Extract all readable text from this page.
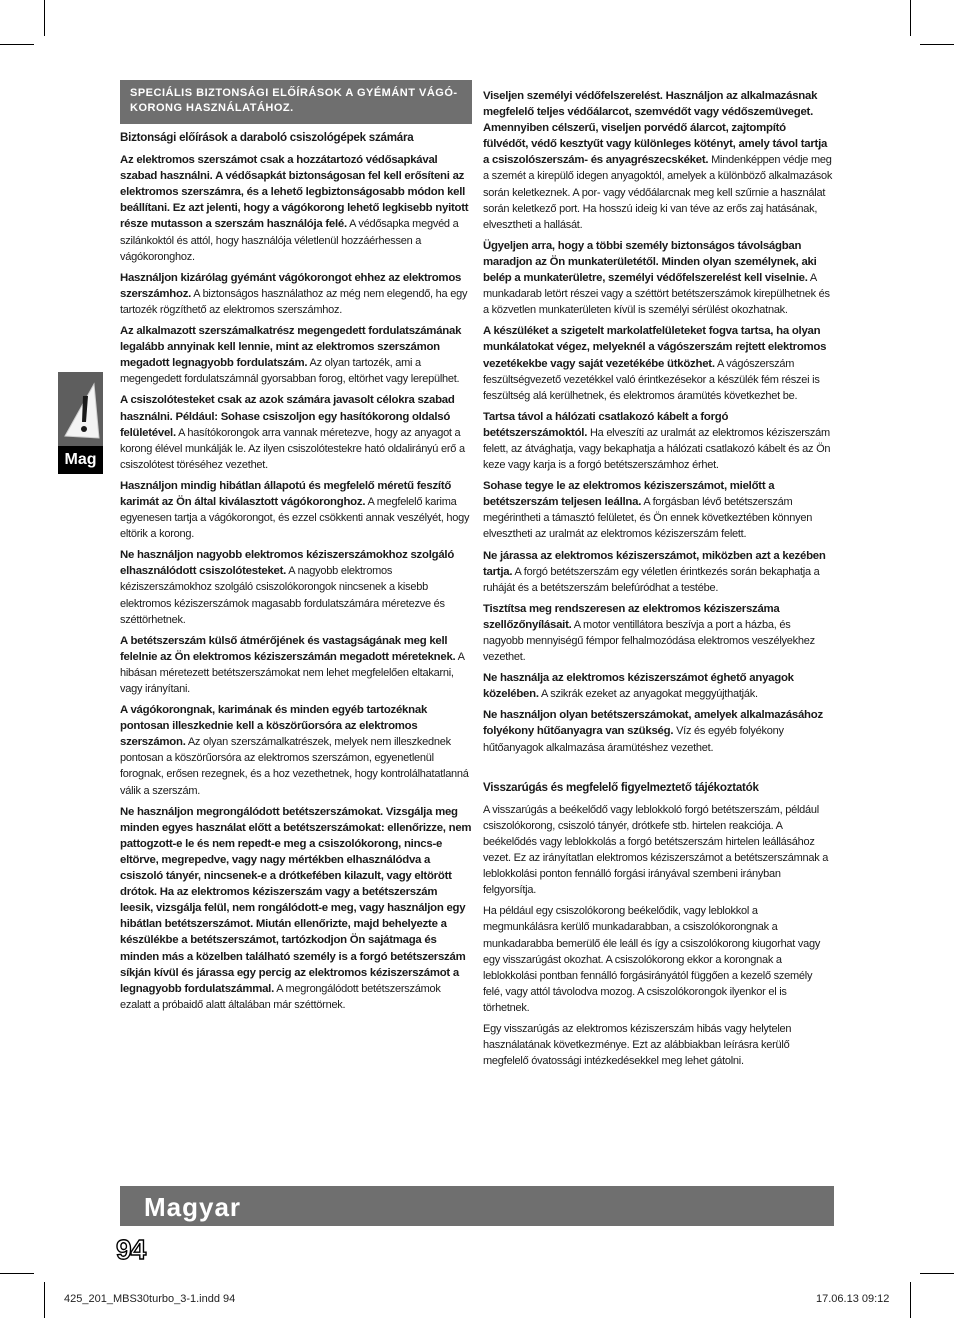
SPECIÁLIS BIZTONSÁGI ELŐÍRÁSOK A GYÉMÁNT VÁGÓ-KORONG HASZNÁLATÁHOZ.
Mag
Biztonsági előírások a daraboló csiszológépek számára

Az elektromos szerszámot csak a hozzátartozó védősapkával szabad használni. A védősapkát biztonságosan fel kell erősíteni az elektromos szerszámra, és a lehető legbiztonságosabb módon kell beállítani. Ez azt jelenti, hogy a vágókorong lehető legkisebb nyitott része mutasson a szerszám használója felé. A védősapka megvéd a szilánkoktól és attól, hogy használója véletlenül hozzáérhessen a vágókoronghoz.

Használjon kizárólag gyémánt vágókorongot ehhez az elektromos szerszámhoz. A biztonságos használathoz az még nem elegendő, ha egy tartozék rögzíthető az elektromos szerszámhoz.

Az alkalmazott szerszámalkatrész megengedett fordulatszámának legalább annyinak kell lennie, mint az elektromos szerszámon megadott legnagyobb fordulatszám. Az olyan tartozék, ami a megengedett fordulatszámnál gyorsabban forog, eltörhet vagy lerepülhet.

A csiszolótesteket csak az azok számára javasolt célokra szabad használni. Például: Sohase csiszoljon egy hasítókorong oldalsó felületével. A hasítókorongok arra vannak méretezve, hogy az anyagot a korong élével munkálják le. Az ilyen csiszolótestekre ható oldalirányú erő a csiszolótest töréséhez vezethet.

Használjon mindig hibátlan állapotú és megfelelő méretű feszítő karimát az Ön által kiválasztott vágókoronghoz. A megfelelő karima egyenesen tartja a vágókorongot, és ezzel csökkenti annak veszélyét, hogy eltörik a korong.

Ne használjon nagyobb elektromos kéziszerszámokhoz szolgáló elhasználódott csiszolótesteket. A nagyobb elektromos kéziszerszámokhoz szolgáló csiszolókorongok nincsenek a kisebb elektromos kéziszerszámok magasabb fordulatszámára méretezve és széttörhetnek.

A betétszerszám külső átmérőjének és vastagságának meg kell felelnie az Ön elektromos kéziszerszámán megadott méreteknek. A hibásan méretezett betétszerszámokat nem lehet megfelelően eltakarni, vagy irányítani.

A vágókorongnak, karimának és minden egyéb tartozéknak pontosan illeszkednie kell a köszörűorsóra az elektromos szerszámon. Az olyan szerszámalkatrészek, melyek nem illeszkednek pontosan a köszörűorsóra az elektromos szerszámon, egyenetlenül forognak, erősen rezegnek, és a hoz vezethetnek, hogy kontrolálhatatlanná válik a szerszám.

Ne használjon megrongálódott betétszerszámokat. Vizsgálja meg minden egyes használat előtt a betétszerszámokat: ellenőrizze, nem pattogzott-e le és nem repedt-e meg a csiszolókorong, nincs-e eltörve, megrepedve, vagy nagy mértékben elhasználódva a csiszoló tányér, nincsenek-e a drótkefében kilazult, vagy eltörött drótok. Ha az elektromos kéziszerszám vagy a betétszerszám leesik, vizsgálja felül, nem rongálódott-e meg, vagy használjon egy hibátlan betétszerszámot. Miután ellenőrizte, majd behelyezte a készülékbe a betétszerszámot, tartózkodjon Ön sajátmaga és minden más a közelben található személy is a forgó betétszerszám síkján kívül és járassa egy percig az elektromos kéziszerszámot a legnagyobb fordulatszámmal. A megrongálódott betétszerszámok ezalatt a próbaidő alatt általában már széttörnek.

Viseljen személyi védőfelszerelést. Használjon az alkalmazásnak megfelelő teljes védőálarcot, szemvédőt vagy védőszemüveget. Amennyiben célszerű, viseljen porvédő álarcot, zajtompító fülvédőt, védő kesztyűt vagy különleges kötényt, amely távol tartja a csiszolószerszám- és anyagrészecskéket. Mindenképpen védje meg a szemét a kirepülő idegen anyagoktól, amelyek a különböző alkalmazások során keletkeznek. A por- vagy védőálarcnak meg kell szűrnie a használat során keletkező port. Ha hosszú ideig ki van téve az erős zaj hatásának, elvesztheti a hallását.

Ügyeljen arra, hogy a többi személy biztonságos távolságban maradjon az Ön munkaterületétől. Minden olyan személynek, aki belép a munkaterületre, személyi védőfelszerelést kell viselnie. A munkadarab letört részei vagy a széttört betétszerszámok kirepülhetnek és a közvetlen munkaterületen kívül is személyi sérülést okozhatnak.

A készüléket a szigetelt markolatfelületeket fogva tartsa, ha olyan munkálatokat végez, melyeknél a vágószerszám rejtett elektromos vezetékekbe vagy saját vezetékébe ütközhet. A vágószerszám feszültségvezető vezetékkel való érintkezésekor a készülék fém részei is feszültség alá kerülhetnek, és elektromos áramütés következhet be.

Tartsa távol a hálózati csatlakozó kábelt a forgó betétszerszámoktól. Ha elveszíti az uralmát az elektromos kéziszerszám felett, az átvághatja, vagy bekaphatja a hálózati csatlakozó kábelt és az Ön keze vagy karja is a forgó betétszerszámhoz érhet.

Sohase tegye le az elektromos kéziszerszámot, mielőtt a betétszerszám teljesen leállna. A forgásban lévő betétszerszám megérintheti a támasztó felületet, és Ön ennek következtében könnyen elvesztheti az uralmát az elektromos kéziszerszám felett.

Ne járassa az elektromos kéziszerszámot, miközben azt a kezében tartja. A forgó betétszerszám egy véletlen érintkezés során bekaphatja a ruháját és a betétszerszám belefúródhat a testébe.

Tisztítsa meg rendszeresen az elektromos kéziszerszáma szellőzőnyílásait. A motor ventillátora beszívja a port a házba, és nagyobb mennyiségű fémpor felhalmozódása elektromos veszélyekhez vezethet.

Ne használja az elektromos kéziszerszámot éghető anyagok közelében. A szikrák ezeket az anyagokat meggyújthatják.

Ne használjon olyan betétszerszámokat, amelyek alkalmazásához folyékony hűtőanyagra van szükség. Víz és egyéb folyékony hűtőanyagok alkalmazása áramütéshez vezethet.

Visszarúgás és megfelelő figyelmeztető tájékoztatók

A visszarúgás a beékelődő vagy leblokkoló forgó betétszerszám, például csiszolókorong, csiszoló tányér, drótkefe stb. hirtelen reakciója. A beékelődés vagy leblokkolás a forgó betétszerszám hirtelen leállásához vezet. Ez az irányítatlan elektromos kéziszerszámot a betétszerszámnak a leblokkolási ponton fennálló forgási irányával szembeni irányban felgyorsítja.

Ha például egy csiszolókorong beékelődik, vagy leblokkol a megmunkálásra kerülő munkadarabban, a csiszolókorongnak a munkadarabba bemerülő éle leáll és így a csiszolókorong kiugorhat vagy egy visszarúgást okozhat. A csiszolókorong ekkor a korongnak a leblokkolási pontban fennálló forgásirányától függően a kezelő személy felé, vagy attól távolodva mozog. A csiszolókorongok ilyenkor el is törhetnek.

Egy visszarúgás az elektromos kéziszerszám hibás vagy helytelen használatának következménye. Ezt az alábbiakban leírásra kerülő megfelelő óvatossági intézkedésekkel meg lehet gátolni.

Magyar
94
425_201_MBS30turbo_3-1.indd 94	17.06.13 09:12
